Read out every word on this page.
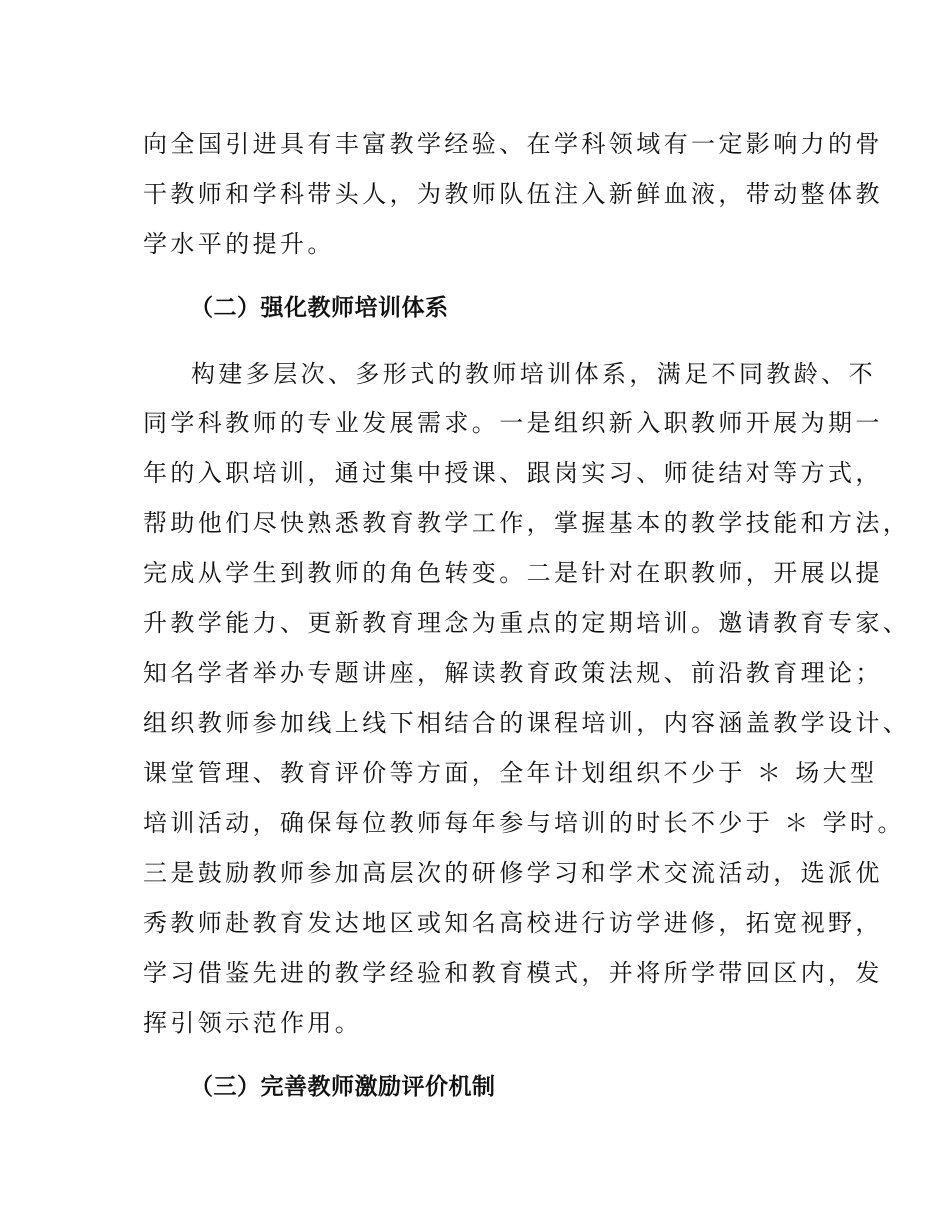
向全国引进具有丰富教学经验、在学科领域有一定影响力的骨
干教师和学科带头人，为教师队伍注入新鲜血液，带动整体教
学水平的提升。
（二）强化教师培训体系
构建多层次、多形式的教师培训体系，满足不同教龄、不
同学科教师的专业发展需求。一是组织新入职教师开展为期一
年的入职培训，通过集中授课、跟岗实习、师徒结对等方式，
帮助他们尽快熟悉教育教学工作，掌握基本的教学技能和方法，
完成从学生到教师的角色转变。二是针对在职教师，开展以提
升教学能力、更新教育理念为重点的定期培训。邀请教育专家、
知名学者举办专题讲座，解读教育政策法规、前沿教育理论；
组织教师参加线上线下相结合的课程培训，内容涵盖教学设计、
课堂管理、教育评价等方面，全年计划组织不少于 ＊ 场大型
培训活动，确保每位教师每年参与培训的时长不少于 ＊ 学时。
三是鼓励教师参加高层次的研修学习和学术交流活动，选派优
秀教师赴教育发达地区或知名高校进行访学进修，拓宽视野，
学习借鉴先进的教学经验和教育模式，并将所学带回区内，发
挥引领示范作用。
（三）完善教师激励评价机制
